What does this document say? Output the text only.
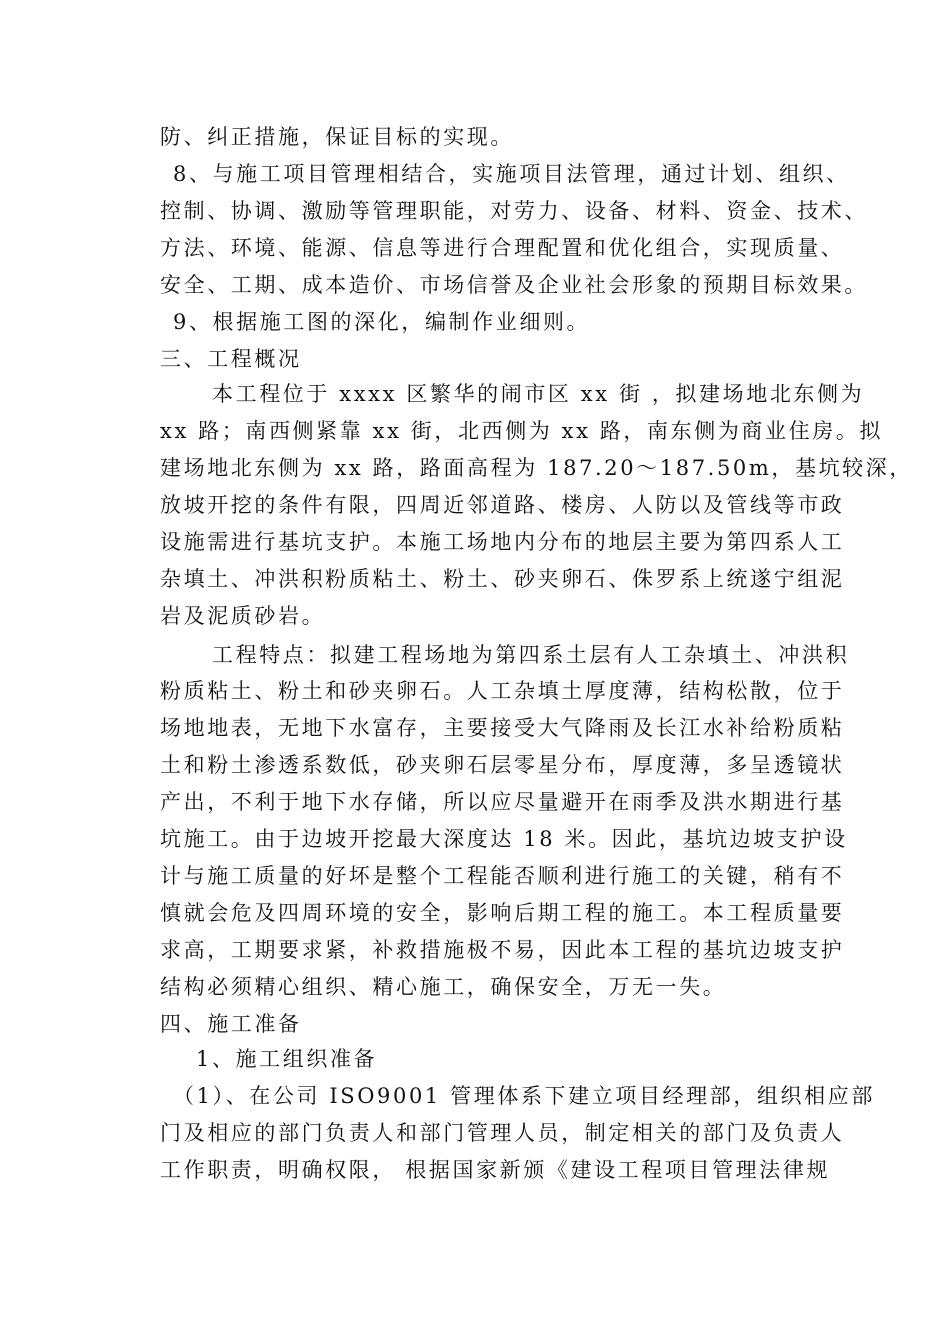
防、纠正措施，保证目标的实现。
8、与施工项目管理相结合，实施项目法管理，通过计划、组织、
控制、协调、激励等管理职能，对劳力、设备、材料、资金、技术、
方法、环境、能源、信息等进行合理配置和优化组合，实现质量、
安全、工期、成本造价、市场信誉及企业社会形象的预期目标效果。
9、根据施工图的深化，编制作业细则。
三、工程概况
本工程位于 xxxx 区繁华的闹市区 xx 街 ，拟建场地北东侧为
xx 路；南西侧紧靠 xx 街，北西侧为 xx 路，南东侧为商业住房。拟
建场地北东侧为 xx 路，路面高程为 187.20～187.50m，基坑较深，
放坡开挖的条件有限，四周近邻道路、楼房、人防以及管线等市政
设施需进行基坑支护。本施工场地内分布的地层主要为第四系人工
杂填土、冲洪积粉质粘土、粉土、砂夹卵石、侏罗系上统遂宁组泥
岩及泥质砂岩。
工程特点：拟建工程场地为第四系土层有人工杂填土、冲洪积
粉质粘土、粉土和砂夹卵石。人工杂填土厚度薄，结构松散，位于
场地地表，无地下水富存，主要接受大气降雨及长江水补给粉质粘
土和粉土渗透系数低，砂夹卵石层零星分布，厚度薄，多呈透镜状
产出，不利于地下水存储，所以应尽量避开在雨季及洪水期进行基
坑施工。由于边坡开挖最大深度达 18 米。因此，基坑边坡支护设
计与施工质量的好坏是整个工程能否顺利进行施工的关键，稍有不
慎就会危及四周环境的安全，影响后期工程的施工。本工程质量要
求高，工期要求紧，补救措施极不易，因此本工程的基坑边坡支护
结构必须精心组织、精心施工，确保安全，万无一失。
四、施工准备
1、施工组织准备
（1）、在公司 ISO9001 管理体系下建立项目经理部，组织相应部
门及相应的部门负责人和部门管理人员，制定相关的部门及负责人
工作职责，明确权限， 根据国家新颁《建设工程项目管理法律规
